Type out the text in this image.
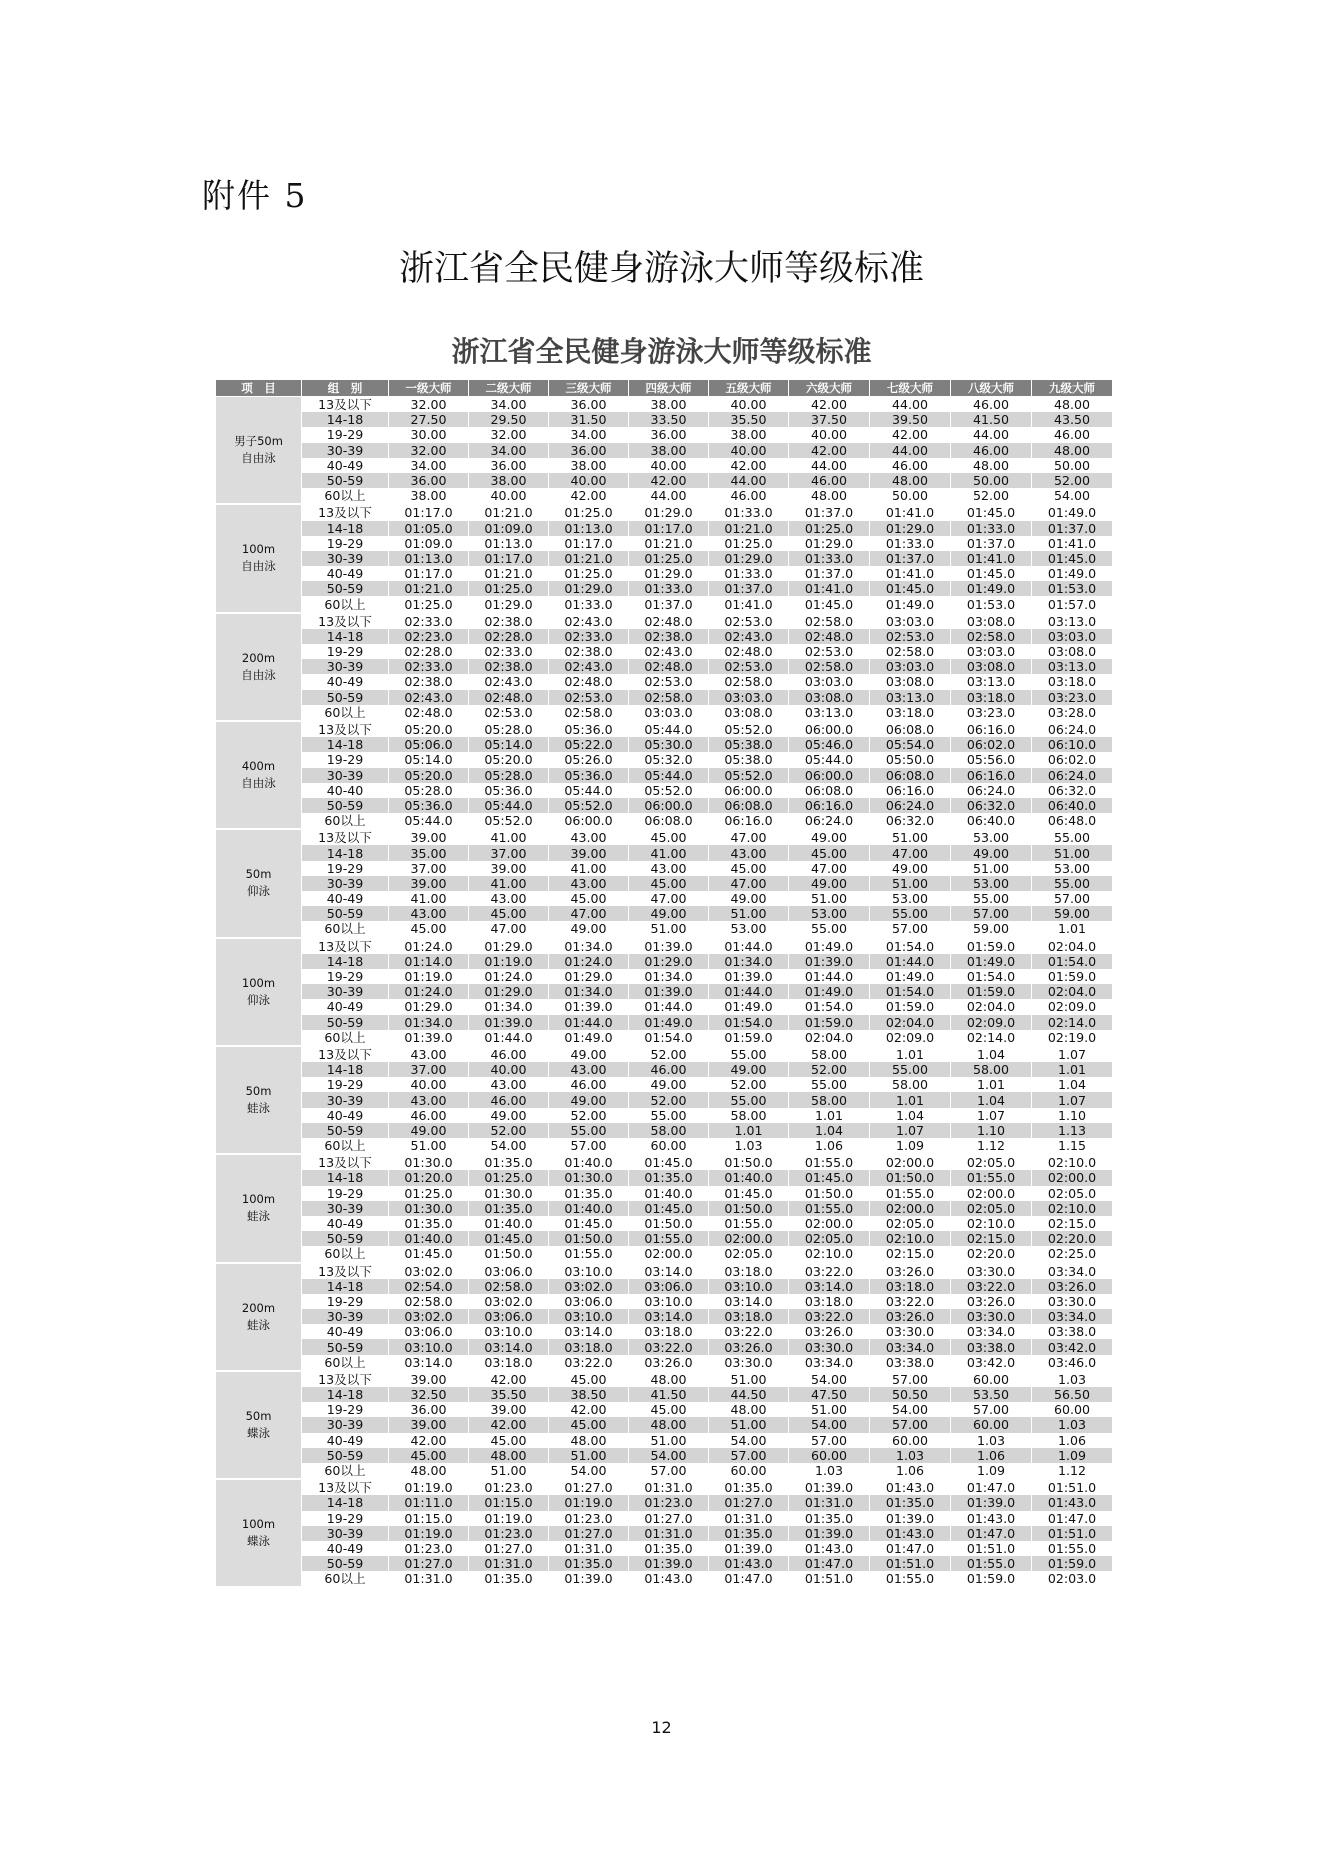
附件 5
浙江省全民健身游泳大师等级标准
浙江省全民健身游泳大师等级标准
项　目	组　别	一级大师	二级大师	三级大师	四级大师	五级大师	六级大师	七级大师	八级大师	九级大师

男子50m
自由泳	13及以下	32.00	34.00	36.00	38.00	40.00	42.00	44.00	46.00	48.00
	14-18	27.50	29.50	31.50	33.50	35.50	37.50	39.50	41.50	43.50
	19-29	30.00	32.00	34.00	36.00	38.00	40.00	42.00	44.00	46.00
	30-39	32.00	34.00	36.00	38.00	40.00	42.00	44.00	46.00	48.00
	40-49	34.00	36.00	38.00	40.00	42.00	44.00	46.00	48.00	50.00
	50-59	36.00	38.00	40.00	42.00	44.00	46.00	48.00	50.00	52.00
	60以上	38.00	40.00	42.00	44.00	46.00	48.00	50.00	52.00	54.00

100m
自由泳	13及以下	01:17.0	01:21.0	01:25.0	01:29.0	01:33.0	01:37.0	01:41.0	01:45.0	01:49.0
	14-18	01:05.0	01:09.0	01:13.0	01:17.0	01:21.0	01:25.0	01:29.0	01:33.0	01:37.0
	19-29	01:09.0	01:13.0	01:17.0	01:21.0	01:25.0	01:29.0	01:33.0	01:37.0	01:41.0
	30-39	01:13.0	01:17.0	01:21.0	01:25.0	01:29.0	01:33.0	01:37.0	01:41.0	01:45.0
	40-49	01:17.0	01:21.0	01:25.0	01:29.0	01:33.0	01:37.0	01:41.0	01:45.0	01:49.0
	50-59	01:21.0	01:25.0	01:29.0	01:33.0	01:37.0	01:41.0	01:45.0	01:49.0	01:53.0
	60以上	01:25.0	01:29.0	01:33.0	01:37.0	01:41.0	01:45.0	01:49.0	01:53.0	01:57.0

200m
自由泳	13及以下	02:33.0	02:38.0	02:43.0	02:48.0	02:53.0	02:58.0	03:03.0	03:08.0	03:13.0
	14-18	02:23.0	02:28.0	02:33.0	02:38.0	02:43.0	02:48.0	02:53.0	02:58.0	03:03.0
	19-29	02:28.0	02:33.0	02:38.0	02:43.0	02:48.0	02:53.0	02:58.0	03:03.0	03:08.0
	30-39	02:33.0	02:38.0	02:43.0	02:48.0	02:53.0	02:58.0	03:03.0	03:08.0	03:13.0
	40-49	02:38.0	02:43.0	02:48.0	02:53.0	02:58.0	03:03.0	03:08.0	03:13.0	03:18.0
	50-59	02:43.0	02:48.0	02:53.0	02:58.0	03:03.0	03:08.0	03:13.0	03:18.0	03:23.0
	60以上	02:48.0	02:53.0	02:58.0	03:03.0	03:08.0	03:13.0	03:18.0	03:23.0	03:28.0

400m
自由泳	13及以下	05:20.0	05:28.0	05:36.0	05:44.0	05:52.0	06:00.0	06:08.0	06:16.0	06:24.0
	14-18	05:06.0	05:14.0	05:22.0	05:30.0	05:38.0	05:46.0	05:54.0	06:02.0	06:10.0
	19-29	05:14.0	05:20.0	05:26.0	05:32.0	05:38.0	05:44.0	05:50.0	05:56.0	06:02.0
	30-39	05:20.0	05:28.0	05:36.0	05:44.0	05:52.0	06:00.0	06:08.0	06:16.0	06:24.0
	40-40	05:28.0	05:36.0	05:44.0	05:52.0	06:00.0	06:08.0	06:16.0	06:24.0	06:32.0
	50-59	05:36.0	05:44.0	05:52.0	06:00.0	06:08.0	06:16.0	06:24.0	06:32.0	06:40.0
	60以上	05:44.0	05:52.0	06:00.0	06:08.0	06:16.0	06:24.0	06:32.0	06:40.0	06:48.0

50m
仰泳	13及以下	39.00	41.00	43.00	45.00	47.00	49.00	51.00	53.00	55.00
	14-18	35.00	37.00	39.00	41.00	43.00	45.00	47.00	49.00	51.00
	19-29	37.00	39.00	41.00	43.00	45.00	47.00	49.00	51.00	53.00
	30-39	39.00	41.00	43.00	45.00	47.00	49.00	51.00	53.00	55.00
	40-49	41.00	43.00	45.00	47.00	49.00	51.00	53.00	55.00	57.00
	50-59	43.00	45.00	47.00	49.00	51.00	53.00	55.00	57.00	59.00
	60以上	45.00	47.00	49.00	51.00	53.00	55.00	57.00	59.00	1.01

100m
仰泳	13及以下	01:24.0	01:29.0	01:34.0	01:39.0	01:44.0	01:49.0	01:54.0	01:59.0	02:04.0
	14-18	01:14.0	01:19.0	01:24.0	01:29.0	01:34.0	01:39.0	01:44.0	01:49.0	01:54.0
	19-29	01:19.0	01:24.0	01:29.0	01:34.0	01:39.0	01:44.0	01:49.0	01:54.0	01:59.0
	30-39	01:24.0	01:29.0	01:34.0	01:39.0	01:44.0	01:49.0	01:54.0	01:59.0	02:04.0
	40-49	01:29.0	01:34.0	01:39.0	01:44.0	01:49.0	01:54.0	01:59.0	02:04.0	02:09.0
	50-59	01:34.0	01:39.0	01:44.0	01:49.0	01:54.0	01:59.0	02:04.0	02:09.0	02:14.0
	60以上	01:39.0	01:44.0	01:49.0	01:54.0	01:59.0	02:04.0	02:09.0	02:14.0	02:19.0

50m
蛙泳	13及以下	43.00	46.00	49.00	52.00	55.00	58.00	1.01	1.04	1.07
	14-18	37.00	40.00	43.00	46.00	49.00	52.00	55.00	58.00	1.01
	19-29	40.00	43.00	46.00	49.00	52.00	55.00	58.00	1.01	1.04
	30-39	43.00	46.00	49.00	52.00	55.00	58.00	1.01	1.04	1.07
	40-49	46.00	49.00	52.00	55.00	58.00	1.01	1.04	1.07	1.10
	50-59	49.00	52.00	55.00	58.00	1.01	1.04	1.07	1.10	1.13
	60以上	51.00	54.00	57.00	60.00	1.03	1.06	1.09	1.12	1.15

100m
蛙泳	13及以下	01:30.0	01:35.0	01:40.0	01:45.0	01:50.0	01:55.0	02:00.0	02:05.0	02:10.0
	14-18	01:20.0	01:25.0	01:30.0	01:35.0	01:40.0	01:45.0	01:50.0	01:55.0	02:00.0
	19-29	01:25.0	01:30.0	01:35.0	01:40.0	01:45.0	01:50.0	01:55.0	02:00.0	02:05.0
	30-39	01:30.0	01:35.0	01:40.0	01:45.0	01:50.0	01:55.0	02:00.0	02:05.0	02:10.0
	40-49	01:35.0	01:40.0	01:45.0	01:50.0	01:55.0	02:00.0	02:05.0	02:10.0	02:15.0
	50-59	01:40.0	01:45.0	01:50.0	01:55.0	02:00.0	02:05.0	02:10.0	02:15.0	02:20.0
	60以上	01:45.0	01:50.0	01:55.0	02:00.0	02:05.0	02:10.0	02:15.0	02:20.0	02:25.0

200m
蛙泳	13及以下	03:02.0	03:06.0	03:10.0	03:14.0	03:18.0	03:22.0	03:26.0	03:30.0	03:34.0
	14-18	02:54.0	02:58.0	03:02.0	03:06.0	03:10.0	03:14.0	03:18.0	03:22.0	03:26.0
	19-29	02:58.0	03:02.0	03:06.0	03:10.0	03:14.0	03:18.0	03:22.0	03:26.0	03:30.0
	30-39	03:02.0	03:06.0	03:10.0	03:14.0	03:18.0	03:22.0	03:26.0	03:30.0	03:34.0
	40-49	03:06.0	03:10.0	03:14.0	03:18.0	03:22.0	03:26.0	03:30.0	03:34.0	03:38.0
	50-59	03:10.0	03:14.0	03:18.0	03:22.0	03:26.0	03:30.0	03:34.0	03:38.0	03:42.0
	60以上	03:14.0	03:18.0	03:22.0	03:26.0	03:30.0	03:34.0	03:38.0	03:42.0	03:46.0

50m
蝶泳	13及以下	39.00	42.00	45.00	48.00	51.00	54.00	57.00	60.00	1.03
	14-18	32.50	35.50	38.50	41.50	44.50	47.50	50.50	53.50	56.50
	19-29	36.00	39.00	42.00	45.00	48.00	51.00	54.00	57.00	60.00
	30-39	39.00	42.00	45.00	48.00	51.00	54.00	57.00	60.00	1.03
	40-49	42.00	45.00	48.00	51.00	54.00	57.00	60.00	1.03	1.06
	50-59	45.00	48.00	51.00	54.00	57.00	60.00	1.03	1.06	1.09
	60以上	48.00	51.00	54.00	57.00	60.00	1.03	1.06	1.09	1.12

100m
蝶泳	13及以下	01:19.0	01:23.0	01:27.0	01:31.0	01:35.0	01:39.0	01:43.0	01:47.0	01:51.0
	14-18	01:11.0	01:15.0	01:19.0	01:23.0	01:27.0	01:31.0	01:35.0	01:39.0	01:43.0
	19-29	01:15.0	01:19.0	01:23.0	01:27.0	01:31.0	01:35.0	01:39.0	01:43.0	01:47.0
	30-39	01:19.0	01:23.0	01:27.0	01:31.0	01:35.0	01:39.0	01:43.0	01:47.0	01:51.0
	40-49	01:23.0	01:27.0	01:31.0	01:35.0	01:39.0	01:43.0	01:47.0	01:51.0	01:55.0
	50-59	01:27.0	01:31.0	01:35.0	01:39.0	01:43.0	01:47.0	01:51.0	01:55.0	01:59.0
	60以上	01:31.0	01:35.0	01:39.0	01:43.0	01:47.0	01:51.0	01:55.0	01:59.0	02:03.0
12
